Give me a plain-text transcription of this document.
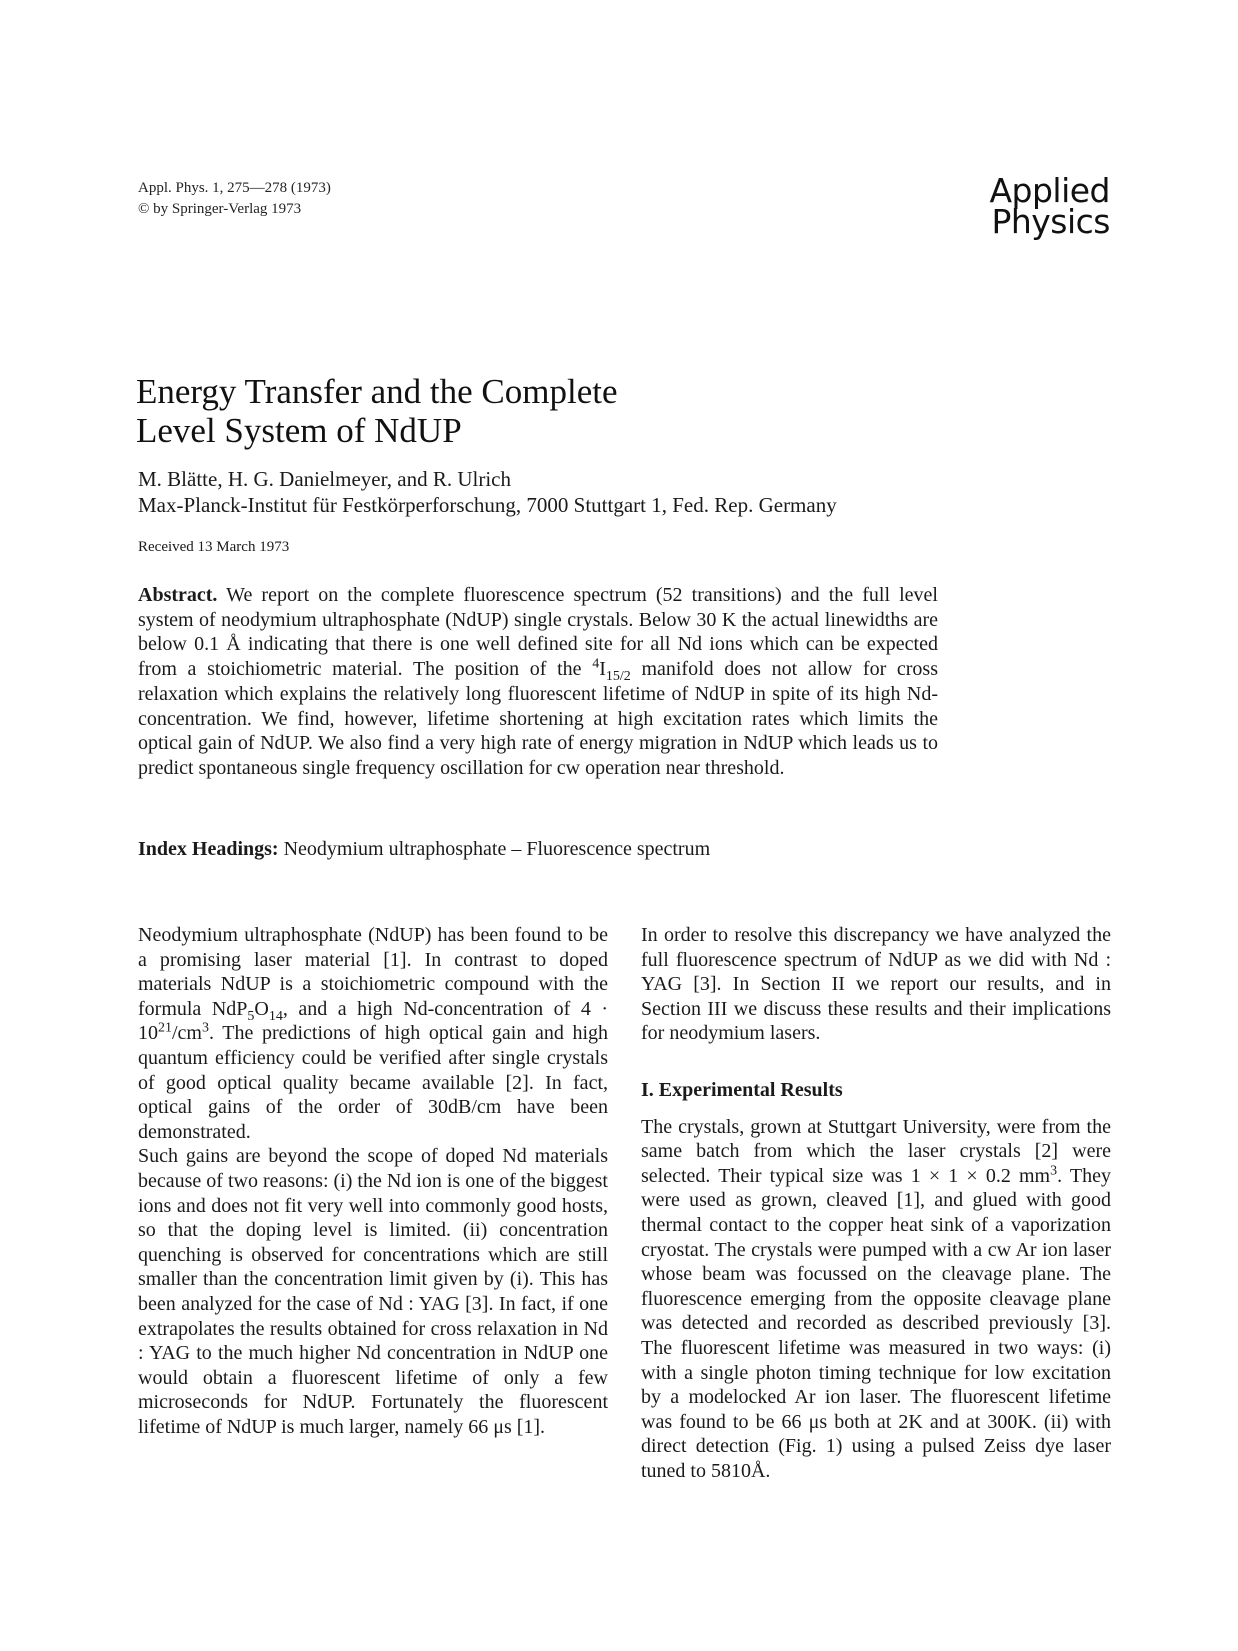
Appl. Phys. 1, 275—278 (1973)
© by Springer-Verlag 1973	Applied
Physics
Energy Transfer and the Complete
Level System of NdUP
M. Blätte, H. G. Danielmeyer, and R. Ulrich
Max-Planck-Institut für Festkörperforschung, 7000 Stuttgart 1, Fed. Rep. Germany
Received 13 March 1973
Abstract. We report on the complete fluorescence spectrum (52 transitions) and the full level system of neodymium ultraphosphate (NdUP) single crystals. Below 30 K the actual linewidths are below 0.1 Å indicating that there is one well defined site for all Nd ions which can be expected from a stoichiometric material. The position of the $^4I_{15/2}$ manifold does not allow for cross relaxation which explains the relatively long fluorescent lifetime of NdUP in spite of its high Nd-concentration. We find, however, lifetime shortening at high excitation rates which limits the optical gain of NdUP. We also find a very high rate of energy migration in NdUP which leads us to predict spontaneous single frequency oscillation for cw operation near threshold.
Index Headings: Neodymium ultraphosphate – Fluorescence spectrum

Neodymium ultraphosphate (NdUP) has been found to be a promising laser material [1]. In contrast to doped materials NdUP is a stoichiometric compound with the formula $NdP_5O_{14}$, and a high Nd-concentration of $4 \cdot 10^{21}/cm^3$. The predictions of high optical gain and high quantum efficiency could be verified after single crystals of good optical quality became available [2]. In fact, optical gains of the order of 30dB/cm have been demonstrated.

Such gains are beyond the scope of doped Nd materials because of two reasons: (i) the Nd ion is one of the biggest ions and does not fit very well into commonly good hosts, so that the doping level is limited. (ii) concentration quenching is observed for concentrations which are still smaller than the concentration limit given by (i). This has been analyzed for the case of Nd : YAG [3]. In fact, if one extrapolates the results obtained for cross relaxation in Nd : YAG to the much higher Nd concentration in NdUP one would obtain a fluorescent lifetime of only a few microseconds for NdUP. Fortunately the fluorescent lifetime of NdUP is much larger, namely 66 μs [1].

In order to resolve this discrepancy we have analyzed the full fluorescence spectrum of NdUP as we did with Nd : YAG [3]. In Section II we report our results, and in Section III we discuss these results and their implications for neodymium lasers.

I. Experimental Results

The crystals, grown at Stuttgart University, were from the same batch from which the laser crystals [2] were selected. Their typical size was 1 × 1 × 0.2 $mm^3$. They were used as grown, cleaved [1], and glued with good thermal contact to the copper heat sink of a vaporization cryostat. The crystals were pumped with a cw Ar ion laser whose beam was focussed on the cleavage plane. The fluorescence emerging from the opposite cleavage plane was detected and recorded as described previously [3]. The fluorescent lifetime was measured in two ways: (i) with a single photon timing technique for low excitation by a modelocked Ar ion laser. The fluorescent lifetime was found to be 66 μs both at 2K and at 300K. (ii) with direct detection (Fig. 1) using a pulsed Zeiss dye laser tuned to 5810Å.
